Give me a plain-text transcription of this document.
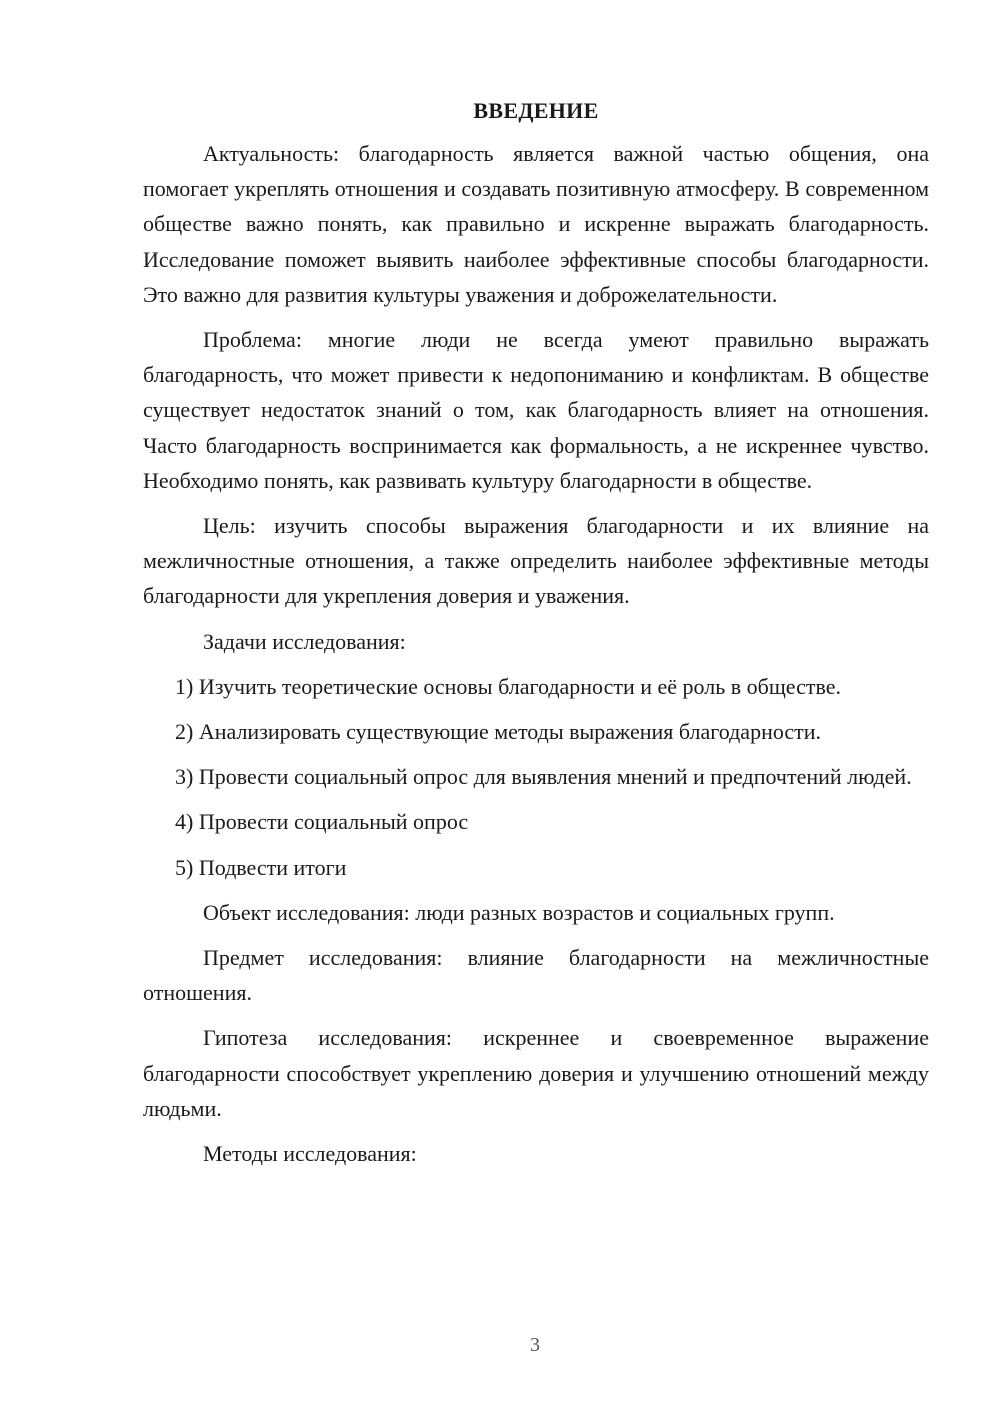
ВВЕДЕНИЕ

Актуальность: благодарность является важной частью общения, она помогает укреплять отношения и создавать позитивную атмосферу. В современном обществе важно понять, как правильно и искренне выражать благодарность. Исследование поможет выявить наиболее эффективные способы благодарности. Это важно для развития культуры уважения и доброжелательности.

Проблема: многие люди не всегда умеют правильно выражать благодарность, что может привести к недопониманию и конфликтам. В обществе существует недостаток знаний о том, как благодарность влияет на отношения. Часто благодарность воспринимается как формальность, а не искреннее чувство. Необходимо понять, как развивать культуру благодарности в обществе.

Цель: изучить способы выражения благодарности и их влияние на межличностные отношения, а также определить наиболее эффективные методы благодарности для укрепления доверия и уважения.

Задачи исследования:

1) Изучить теоретические основы благодарности и её роль в обществе.

2) Анализировать существующие методы выражения благодарности.

3) Провести социальный опрос для выявления мнений и предпочтений людей.

4) Провести социальный опрос

5) Подвести итоги

Объект исследования: люди разных возрастов и социальных групп.

Предмет исследования: влияние благодарности на межличностные отношения.

Гипотеза исследования: искреннее и своевременное выражение благодарности способствует укреплению доверия и улучшению отношений между людьми.

Методы исследования:

3
